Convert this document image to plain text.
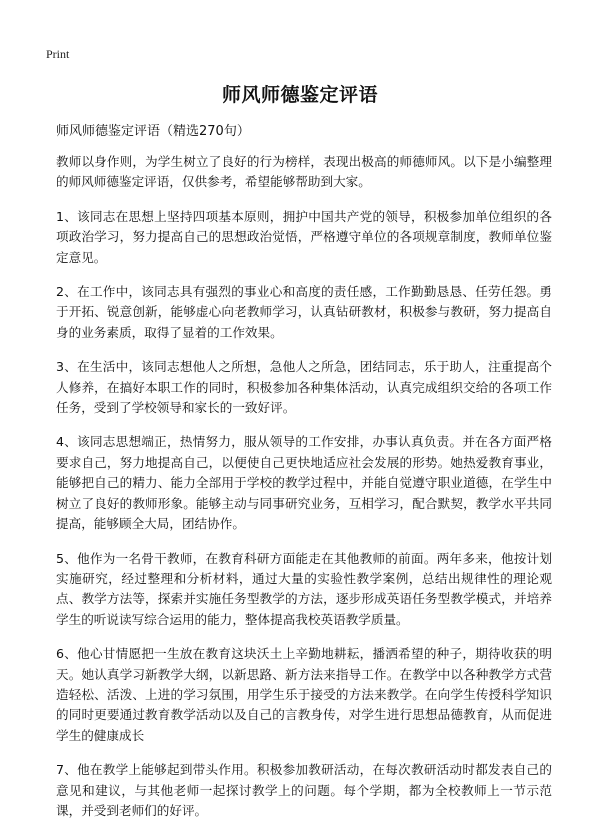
Print
师风师德鉴定评语

师风师德鉴定评语（精选270句）

教师以身作则，为学生树立了良好的行为榜样，表现出极高的师德师风。以下是小编整理的师风师德鉴定评语，仅供参考，希望能够帮助到大家。

1、该同志在思想上坚持四项基本原则，拥护中国共产党的领导，积极参加单位组织的各项政治学习，努力提高自己的思想政治觉悟，严格遵守单位的各项规章制度，教师单位鉴定意见。

2、在工作中，该同志具有强烈的事业心和高度的责任感，工作勤勤恳恳、任劳任怨。勇于开拓、锐意创新，能够虚心向老教师学习，认真钻研教材，积极参与教研，努力提高自身的业务素质，取得了显着的工作效果。

3、在生活中，该同志想他人之所想，急他人之所急，团结同志，乐于助人，注重提高个人修养，在搞好本职工作的同时，积极参加各种集体活动，认真完成组织交给的各项工作任务，受到了学校领导和家长的一致好评。

4、该同志思想端正，热情努力，服从领导的工作安排，办事认真负责。并在各方面严格要求自己，努力地提高自己，以便使自己更快地适应社会发展的形势。她热爱教育事业，能够把自己的精力、能力全部用于学校的教学过程中，并能自觉遵守职业道德，在学生中树立了良好的教师形象。能够主动与同事研究业务，互相学习，配合默契，教学水平共同提高，能够顾全大局，团结协作。

5、他作为一名骨干教师，在教育科研方面能走在其他教师的前面。两年多来，他按计划实施研究，经过整理和分析材料，通过大量的实验性教学案例，总结出规律性的理论观点、教学方法等，探索并实施任务型教学的方法，逐步形成英语任务型教学模式，并培养学生的听说读写综合运用的能力，整体提高我校英语教学质量。

6、他心甘情愿把一生放在教育这块沃土上辛勤地耕耘，播洒希望的种子，期待收获的明天。她认真学习新教学大纲，以新思路、新方法来指导工作。在教学中以各种教学方式营造轻松、活泼、上进的学习氛围，用学生乐于接受的方法来教学。在向学生传授科学知识的同时更要通过教育教学活动以及自己的言教身传，对学生进行思想品德教育，从而促进学生的健康成长

7、他在教学上能够起到带头作用。积极参加教研活动，在每次教研活动时都发表自己的意见和建议，与其他老师一起探讨教学上的问题。每个学期，都为全校教师上一节示范课，并受到老师们的好评。
